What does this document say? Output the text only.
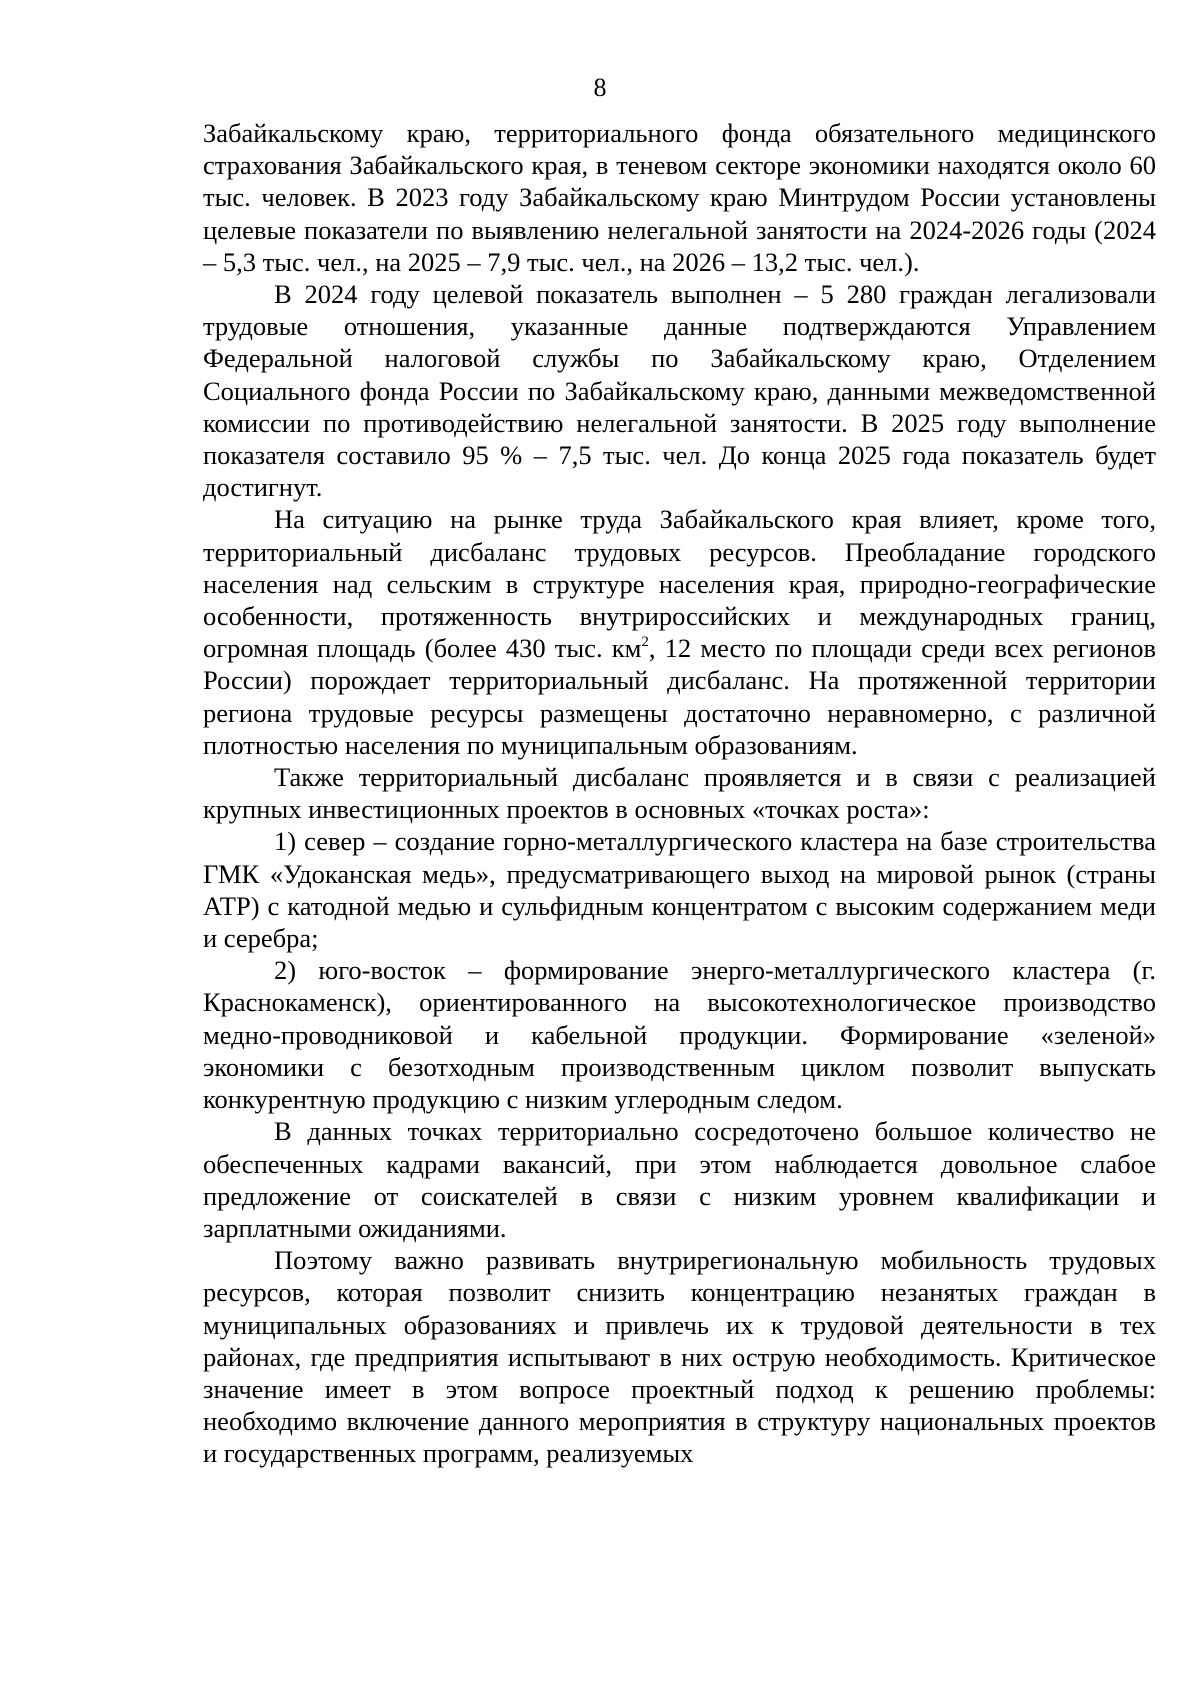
8

Забайкальскому краю, территориального фонда обязательного медицинского страхования Забайкальского края, в теневом секторе экономики находятся около 60 тыс. человек. В 2023 году Забайкальскому краю Минтрудом России установлены целевые показатели по выявлению нелегальной занятости на 2024-2026 годы (2024 – 5,3 тыс. чел., на 2025 – 7,9 тыс. чел., на 2026 – 13,2 тыс. чел.).

В 2024 году целевой показатель выполнен – 5 280 граждан легализовали трудовые отношения, указанные данные подтверждаются Управлением Федеральной налоговой службы по Забайкальскому краю, Отделением Социального фонда России по Забайкальскому краю, данными межведомственной комиссии по противодействию нелегальной занятости. В 2025 году выполнение показателя составило 95 % – 7,5 тыс. чел. До конца 2025 года показатель будет достигнут.

На ситуацию на рынке труда Забайкальского края влияет, кроме того, территориальный дисбаланс трудовых ресурсов. Преобладание городского населения над сельским в структуре населения края, природно-географические особенности, протяженность внутрироссийских и международных границ, огромная площадь (более 430 тыс. $км^2$, 12 место по площади среди всех регионов России) порождает территориальный дисбаланс. На протяженной территории региона трудовые ресурсы размещены достаточно неравномерно, с различной плотностью населения по муниципальным образованиям.

Также территориальный дисбаланс проявляется и в связи с реализацией крупных инвестиционных проектов в основных «точках роста»:

1) север – создание горно-металлургического кластера на базе строительства ГМК «Удоканская медь», предусматривающего выход на мировой рынок (страны АТР) с катодной медью и сульфидным концентратом с высоким содержанием меди и серебра;

2) юго-восток – формирование энерго-металлургического кластера (г. Краснокаменск), ориентированного на высокотехнологическое производство медно-проводниковой и кабельной продукции. Формирование «зеленой» экономики с безотходным производственным циклом позволит выпускать конкурентную продукцию с низким углеродным следом.

В данных точках территориально сосредоточено большое количество не обеспеченных кадрами вакансий, при этом наблюдается довольное слабое предложение от соискателей в связи с низким уровнем квалификации и зарплатными ожиданиями.

Поэтому важно развивать внутрирегиональную мобильность трудовых ресурсов, которая позволит снизить концентрацию незанятых граждан в муниципальных образованиях и привлечь их к трудовой деятельности в тех районах, где предприятия испытывают в них острую необходимость. Критическое значение имеет в этом вопросе проектный подход к решению проблемы: необходимо включение данного мероприятия в структуру национальных проектов и государственных программ, реализуемых
